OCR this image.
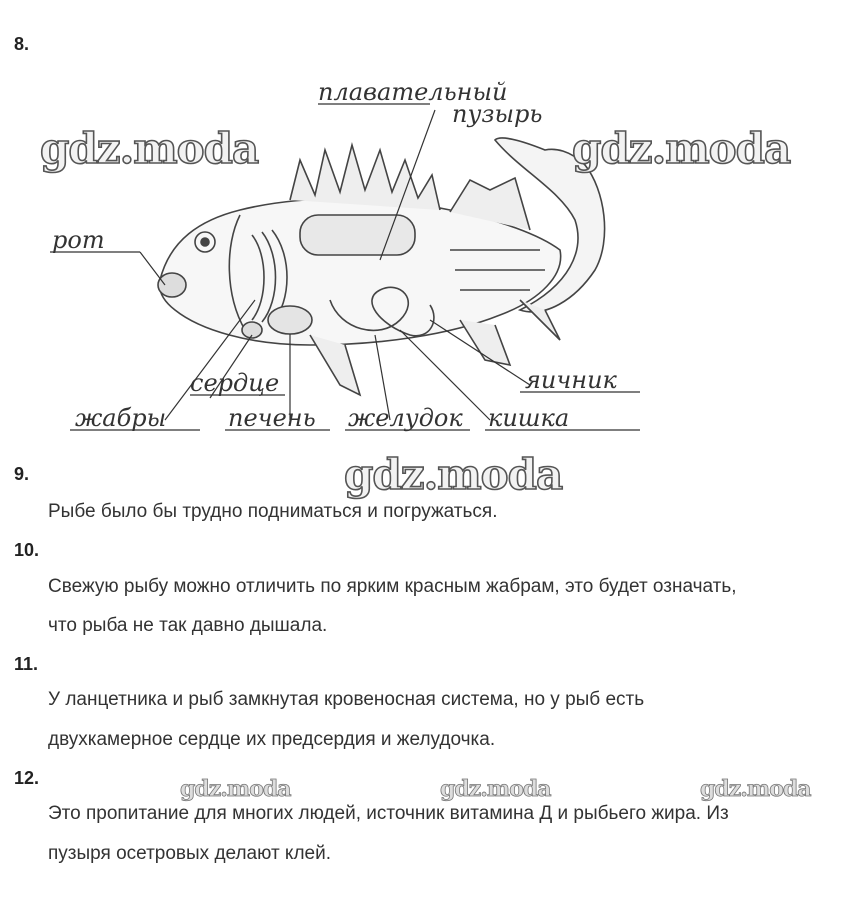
8.
9.
10.
11.
12.
Рыбе было бы трудно подниматься и погружаться.
Свежую рыбу можно отличить по ярким красным жабрам, это будет означать,
что рыба не так давно дышала.
У ланцетника и рыб замкнутая кровеносная система, но у рыб есть
двухкамерное сердце их предсердия и желудочка.
Это пропитание для многих людей, источник витамина Д и рыбьего жира. Из
пузыря осетровых делают клей.
плавательный
пузырь
рот
сердце
жабры	печень желудок кишка
яичник
gdz.moda	gdz.moda
gdz.moda
gdz.moda	gdz.moda	gdz.moda
